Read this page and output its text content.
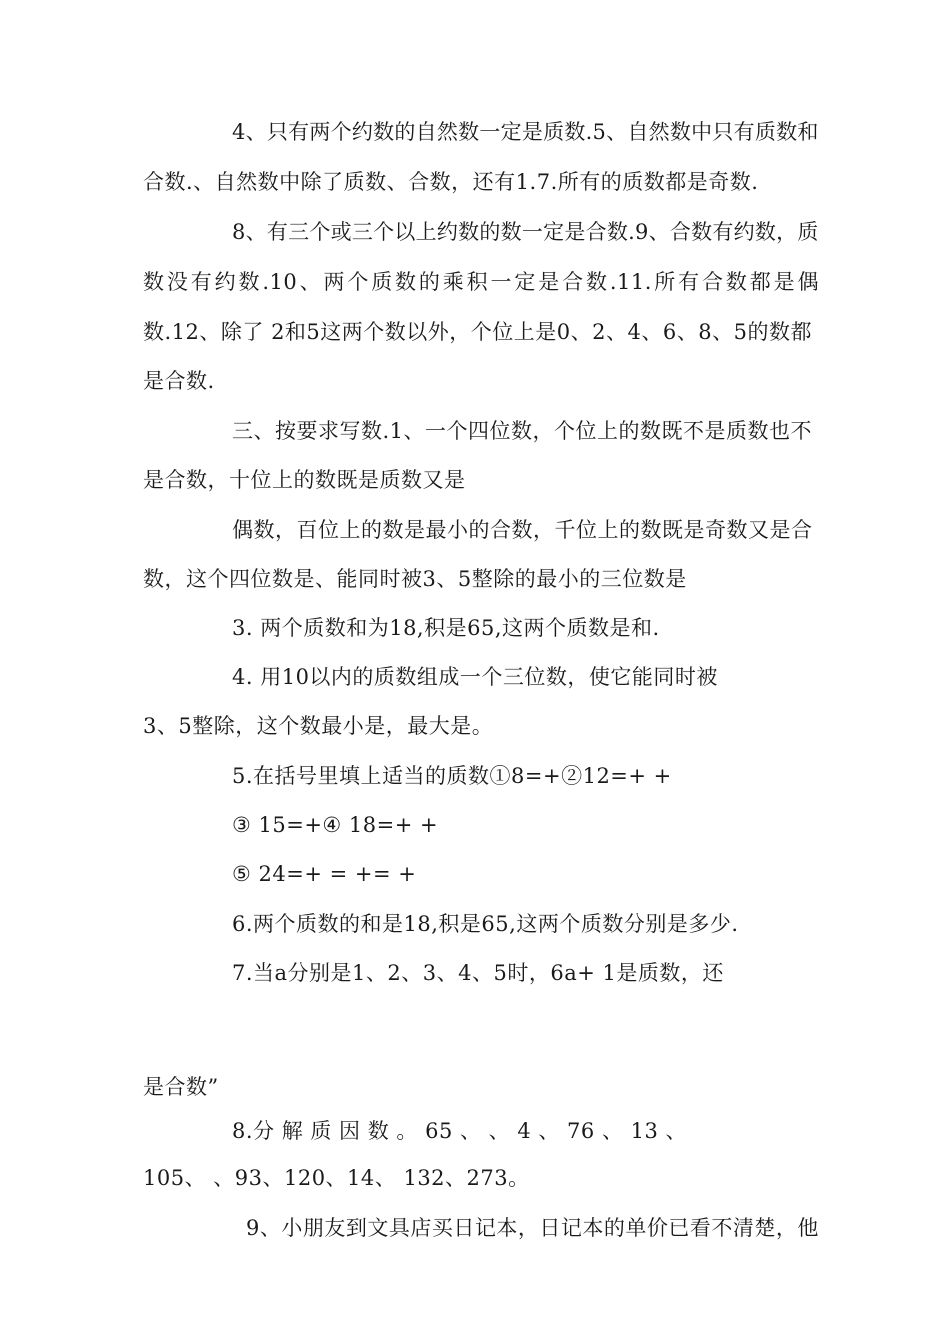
4、只有两个约数的自然数一定是质数.5、自然数中只有质数和
合数.、自然数中除了质数、合数，还有1.7.所有的质数都是奇数.
8、有三个或三个以上约数的数一定是合数.9、合数有约数，质
数没有约数.10、两个质数的乘积一定是合数.11.所有合数都是偶
数.12、除了 2和5这两个数以外，个位上是0、2、4、6、8、5的数都
是合数.
三、按要求写数.1、一个四位数，个位上的数既不是质数也不
是合数，十位上的数既是质数又是
偶数，百位上的数是最小的合数，千位上的数既是奇数又是合
数，这个四位数是、能同时被3、5整除的最小的三位数是
3. 两个质数和为18,积是65,这两个质数是和.
4. 用10以内的质数组成一个三位数，使它能同时被
3、5整除，这个数最小是，最大是。
5.在括号里填上适当的质数①8=+②12=+ +
③ 15=+④ 18=+ +
⑤ 24=+ = += +
6.两个质数的和是18,积是65,这两个质数分别是多少.
7.当a分别是1、2、3、4、5时，6a+ 1是质数，还
是合数”
8.分 解 质 因 数 。 65 、 、 4 、 76 、 13 、
105、 、93、120、14、 132、273。
9、小朋友到文具店买日记本，日记本的单价已看不清楚，他
